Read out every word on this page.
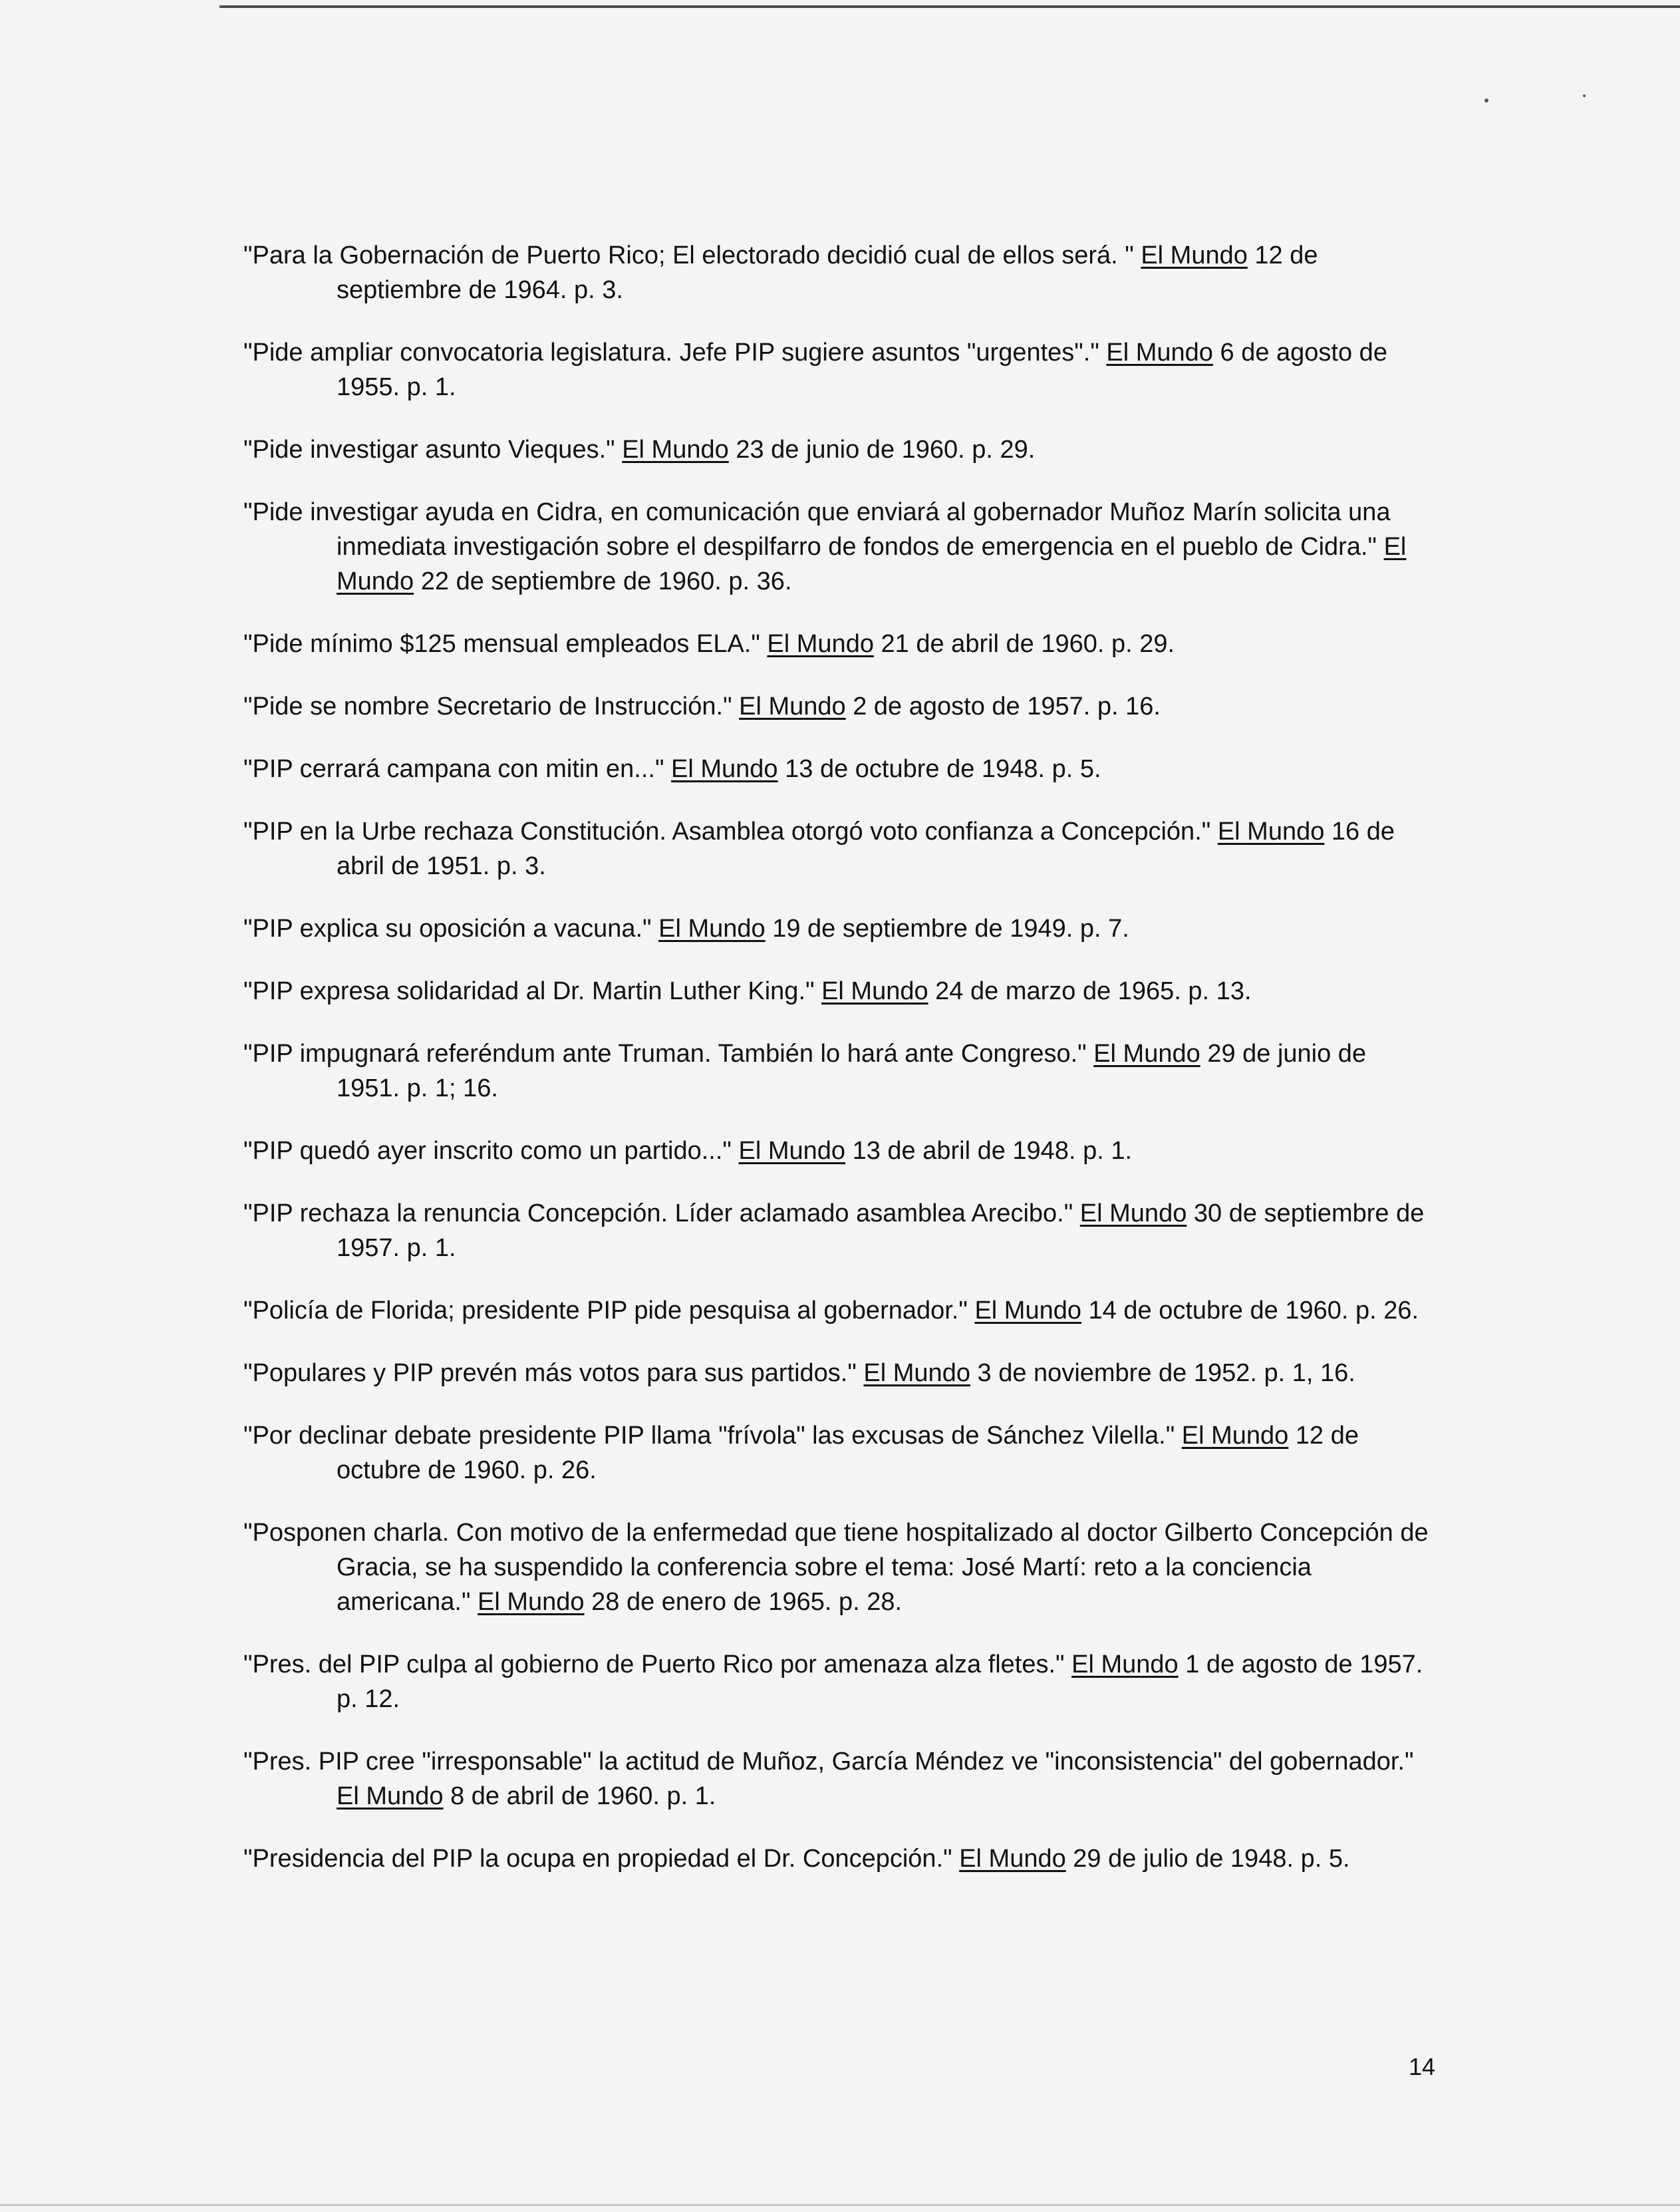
"Para la Gobernación de Puerto Rico; El electorado decidió cual de ellos será. " El Mundo 12 de septiembre de 1964. p. 3.
"Pide ampliar convocatoria legislatura. Jefe PIP sugiere asuntos "urgentes"." El Mundo 6 de agosto de 1955. p. 1.
"Pide investigar asunto Vieques." El Mundo 23 de junio de 1960. p. 29.
"Pide investigar ayuda en Cidra, en comunicación que enviará al gobernador Muñoz Marín solicita una inmediata investigación sobre el despilfarro de fondos de emergencia en el pueblo de Cidra." El Mundo 22 de septiembre de 1960. p. 36.
"Pide mínimo $125 mensual empleados ELA." El Mundo 21 de abril de 1960. p. 29.
"Pide se nombre Secretario de Instrucción." El Mundo 2 de agosto de 1957. p. 16.
"PIP cerrará campana con mitin en..." El Mundo 13 de octubre de 1948. p. 5.
"PIP en la Urbe rechaza Constitución. Asamblea otorgó voto confianza a Concepción." El Mundo 16 de abril de 1951. p. 3.
"PIP explica su oposición a vacuna." El Mundo 19 de septiembre de 1949. p. 7.
"PIP expresa solidaridad al Dr. Martin Luther King." El Mundo 24 de marzo de 1965. p. 13.
"PIP impugnará referéndum ante Truman. También lo hará ante Congreso." El Mundo 29 de junio de 1951. p. 1; 16.
"PIP quedó ayer inscrito como un partido..." El Mundo 13 de abril de 1948. p. 1.
"PIP rechaza la renuncia Concepción. Líder aclamado asamblea Arecibo." El Mundo 30 de septiembre de 1957. p. 1.
"Policía de Florida; presidente PIP pide pesquisa al gobernador." El Mundo 14 de octubre de 1960. p. 26.
"Populares y PIP prevén más votos para sus partidos." El Mundo 3 de noviembre de 1952. p. 1, 16.
"Por declinar debate presidente PIP llama "frívola" las excusas de Sánchez Vilella." El Mundo 12 de octubre de 1960. p. 26.
"Posponen charla. Con motivo de la enfermedad que tiene hospitalizado al doctor Gilberto Concepción de Gracia, se ha suspendido la conferencia sobre el tema: José Martí: reto a la conciencia americana." El Mundo 28 de enero de 1965. p. 28.
"Pres. del PIP culpa al gobierno de Puerto Rico por amenaza alza fletes." El Mundo 1 de agosto de 1957. p. 12.
"Pres. PIP cree "irresponsable" la actitud de Muñoz, García Méndez ve "inconsistencia" del gobernador." El Mundo 8 de abril de 1960. p. 1.
"Presidencia del PIP la ocupa en propiedad el Dr. Concepción." El Mundo 29 de julio de 1948. p. 5.
14
